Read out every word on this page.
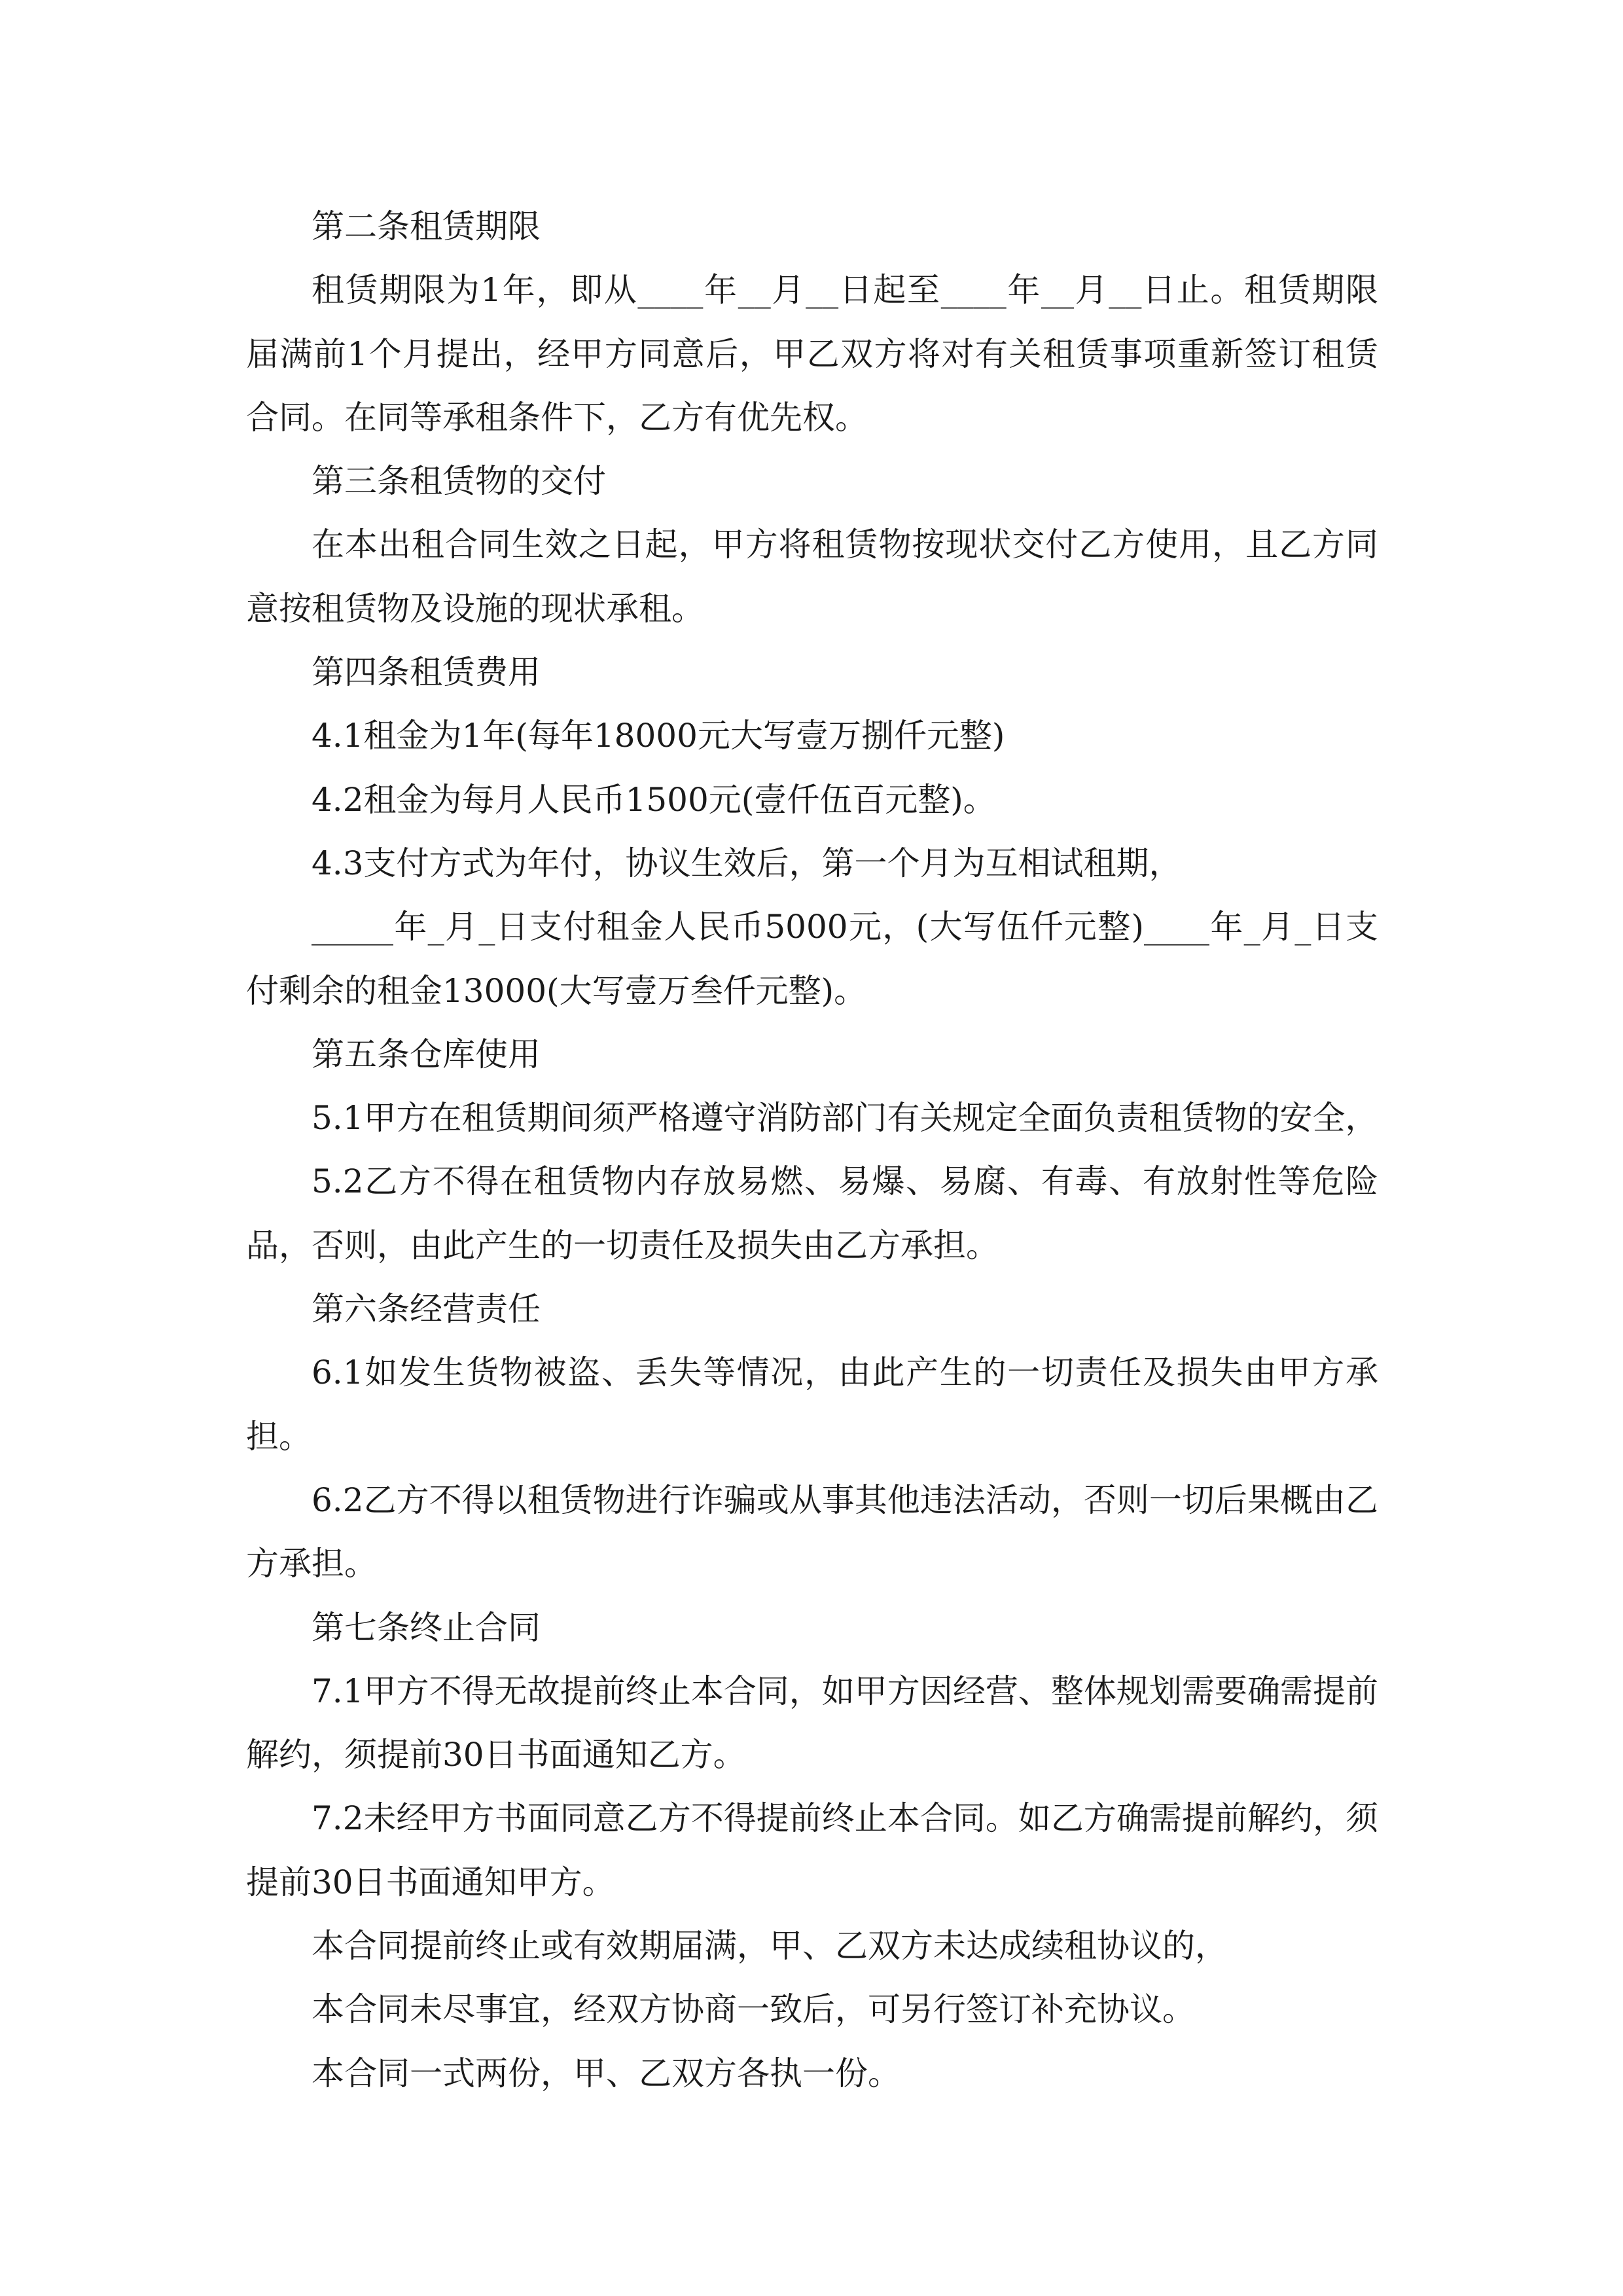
第二条租赁期限

租赁期限为1年，即从____年__月__日起至____年__月__日止。租赁期限届满前1个月提出，经甲方同意后，甲乙双方将对有关租赁事项重新签订租赁合同。在同等承租条件下，乙方有优先权。

第三条租赁物的交付

在本出租合同生效之日起，甲方将租赁物按现状交付乙方使用，且乙方同意按租赁物及设施的现状承租。

第四条租赁费用

4.1租金为1年(每年18000元大写壹万捌仟元整)

4.2租金为每月人民币1500元(壹仟伍百元整)。

4.3支付方式为年付，协议生效后，第一个月为互相试租期，

_____年_月_日支付租金人民币5000元，(大写伍仟元整)____年_月_日支付剩余的租金13000(大写壹万叁仟元整)。

第五条仓库使用

5.1甲方在租赁期间须严格遵守消防部门有关规定全面负责租赁物的安全，

5.2乙方不得在租赁物内存放易燃、易爆、易腐、有毒、有放射性等危险品，否则，由此产生的一切责任及损失由乙方承担。

第六条经营责任

6.1如发生货物被盗、丢失等情况，由此产生的一切责任及损失由甲方承担。

6.2乙方不得以租赁物进行诈骗或从事其他违法活动，否则一切后果概由乙方承担。

第七条终止合同

7.1甲方不得无故提前终止本合同，如甲方因经营、整体规划需要确需提前解约，须提前30日书面通知乙方。

7.2未经甲方书面同意乙方不得提前终止本合同。如乙方确需提前解约，须提前30日书面通知甲方。

本合同提前终止或有效期届满，甲、乙双方未达成续租协议的，

本合同未尽事宜，经双方协商一致后，可另行签订补充协议。

本合同一式两份，甲、乙双方各执一份。
